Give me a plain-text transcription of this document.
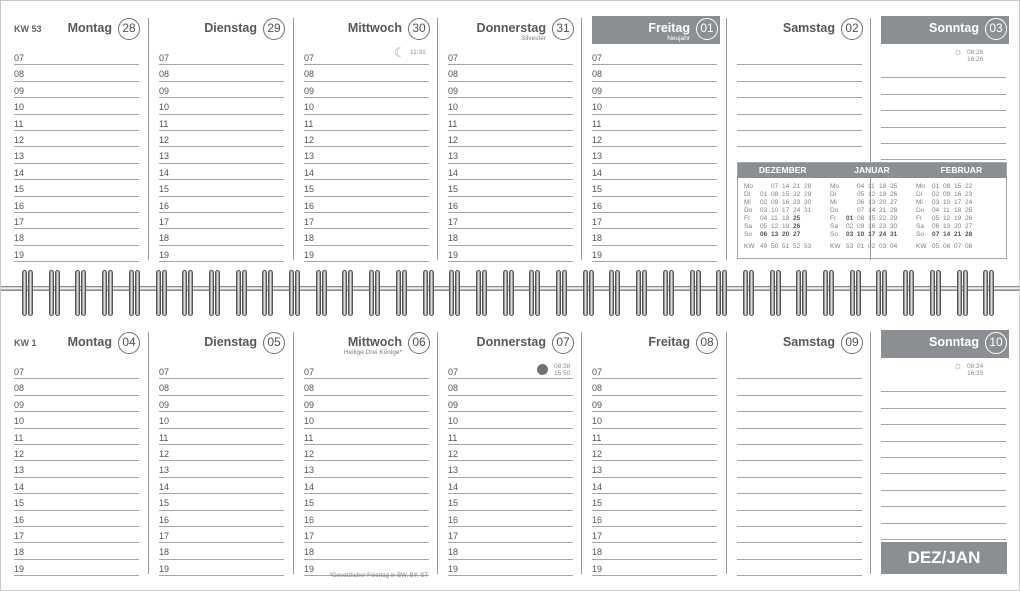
KW 53 Montag 28
07
08
09
10
11
12
13
14
15
16
17
18
19
Dienstag 29
07
08
09
10
11
12
13
14
15
16
17
18
19
Mittwoch 30
07
08
09
10
11
12
13
14
15
16
17
18
19
☾ 11:31
Donnerstag 31
Silvester
07
08
09
10
11
12
13
14
15
16
17
18
19
Freitag 01
Neujahr
07
08
09
10
11
12
13
14
15
16
17
18
19
Samstag 02

	Sonntag 03

☼ 08:26
16:26
KW 1 Montag 04
07
08
09
10
11
12
13
14
15
16
17
18
19
Dienstag 05
07
08
09
10
11
12
13
14
15
16
17
18
19
Mittwoch 06
Heilige Drei Könige*
07
08
09
10
11
12
13
14
15
16
17
18
19
*Gesetzlicher Feiertag in BW, BY, ST
Donnerstag 07
07
08
09
10
11
12
13
14
15
16
17
18
19
08:38
15:50
Freitag 08
07
08
09
10
11
12
13
14
15
16
17
18
19
Samstag 09

	Sonntag 10

☼ 08:24
16:35
DEZEMBER	JANUAR	FEBRUAR
Mo	07 14 21 28
Di	01 08 15 22 29
Mi	02 09 16 23 30
Do	03 10 17 24 31
Fr	04 11 18 25
Sa	05 12 19 26
So	06 13 20 27
KW 49 50 51 52 53
Mo	04 11 18 25
Di	05 12 19 26
Mi	06 13 20 27
Do	07 14 21 28
Fr	01 08 15 22 29
Sa	02 09 16 23 30
So	03 10 17 24 31
KW 53 01 02 03 04
Mo	01 08 15 22
Di	02 09 16 23
Mi	03 10 17 24
Do	04 11 18 25
Fr	05 12 19 26
Sa	06 13 20 27
So	07 14 21 28
KW 05 06 07 08
DEZ/JAN
